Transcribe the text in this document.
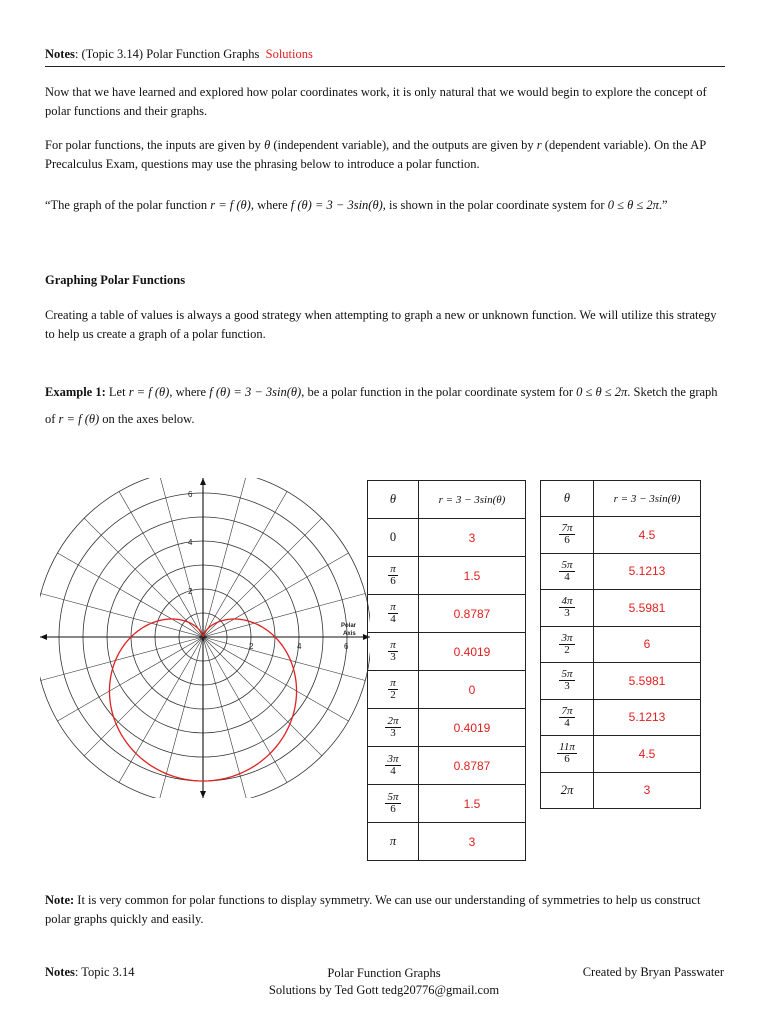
Notes: (Topic 3.14) Polar Function Graphs Solutions

Now that we have learned and explored how polar coordinates work, it is only natural that we would begin to explore the concept of polar functions and their graphs.

For polar functions, the inputs are given by θ (independent variable), and the outputs are given by r (dependent variable). On the AP Precalculus Exam, questions may use the phrasing below to introduce a polar function.

“The graph of the polar function r = f (θ), where f (θ) = 3 − 3sin(θ), is shown in the polar coordinate system for 0 ≤ θ ≤ 2π.”

Graphing Polar Functions

Creating a table of values is always a good strategy when attempting to graph a new or unknown function. We will utilize this strategy to help us create a graph of a polar function.

Example 1: Let r = f (θ), where f (θ) = 3 − 3sin(θ), be a polar function in the polar coordinate system for 0 ≤ θ ≤ 2π. Sketch the graph of r = f (θ) on the axes below.

6
4
2
2	4	6
Polar
Axis
θ	r = 3 − 3sin(θ)
0	3

$\frac{\pi}{6}$	1.5

$\frac{\pi}{4}$	0.8787

$\frac{\pi}{3}$	0.4019

$\frac{\pi}{2}$	0

$\frac{2\pi}{3}$	0.4019

$\frac{3\pi}{4}$	0.8787

$\frac{5\pi}{6}$	1.5
π	3
θ	r = 3 − 3sin(θ)

$\frac{7\pi}{6}$	4.5

$\frac{5\pi}{4}$	5.1213

$\frac{4\pi}{3}$	5.5981

$\frac{3\pi}{2}$	6

$\frac{5\pi}{3}$	5.5981

$\frac{7\pi}{4}$	5.1213

$\frac{11\pi}{6}$	4.5
2π	3

Note: It is very common for polar functions to display symmetry. We can use our understanding of symmetries to help us construct polar graphs quickly and easily.

Notes: Topic 3.14	Polar Function Graphs
Solutions by Ted Gott tedg20776@gmail.com
Created by Bryan Passwater
